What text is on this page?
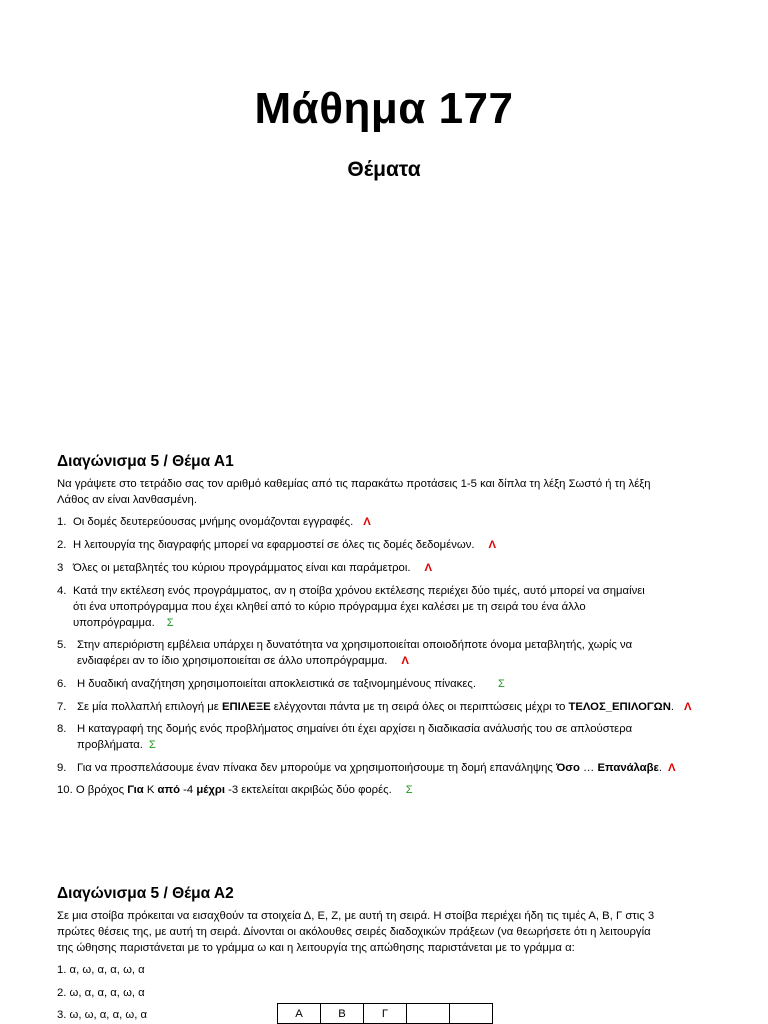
Μάθημα 177
Θέματα
Διαγώνισμα 5 / Θέμα Α1
Να γράψετε στο τετράδιο σας τον αριθμό καθεμίας από τις παρακάτω προτάσεις 1-5 και δίπλα τη λέξη Σωστό ή τη λέξη
Λάθος αν είναι λανθασμένη.
1. Οι δομές δευτερεύουσας μνήμης ονομάζονται εγγραφές. Λ
2. Η λειτουργία της διαγραφής μπορεί να εφαρμοστεί σε όλες τις δομές δεδομένων. Λ
3 Όλες οι μεταβλητές του κύριου προγράμματος είναι και παράμετροι. Λ
4. Κατά την εκτέλεση ενός προγράμματος, αν η στοίβα χρόνου εκτέλεσης περιέχει δύο τιμές, αυτό μπορεί να σημαίνει
ότι ένα υποπρόγραμμα που έχει κληθεί από το κύριο πρόγραμμα έχει καλέσει με τη σειρά του ένα άλλο
υποπρόγραμμα. Σ
5. Στην απεριόριστη εμβέλεια υπάρχει η δυνατότητα να χρησιμοποιείται οποιοδήποτε όνομα μεταβλητής, χωρίς να
ενδιαφέρει αν το ίδιο χρησιμοποιείται σε άλλο υποπρόγραμμα. Λ
6. Η δυαδική αναζήτηση χρησιμοποιείται αποκλειστικά σε ταξινομημένους πίνακες. Σ
7. Σε μία πολλαπλή επιλογή με ΕΠΙΛΕΞΕ ελέγχονται πάντα με τη σειρά όλες οι περιπτώσεις μέχρι το ΤΕΛΟΣ_ΕΠΙΛΟΓΩΝ. Λ
8. Η καταγραφή της δομής ενός προβλήματος σημαίνει ότι έχει αρχίσει η διαδικασία ανάλυσής του σε απλούστερα
προβλήματα. Σ
9. Για να προσπελάσουμε έναν πίνακα δεν μπορούμε να χρησιμοποιήσουμε τη δομή επανάληψης Όσο … Επανάλαβε. Λ
10. Ο βρόχος Για Κ από -4 μέχρι -3 εκτελείται ακριβώς δύο φορές. Σ
Διαγώνισμα 5 / Θέμα Α2
Σε μια στοίβα πρόκειται να εισαχθούν τα στοιχεία Δ, Ε, Ζ, με αυτή τη σειρά. Η στοίβα περιέχει ήδη τις τιμές Α, Β, Γ στις 3
πρώτες θέσεις της, με αυτή τη σειρά. Δίνονται οι ακόλουθες σειρές διαδοχικών πράξεων (να θεωρήσετε ότι η λειτουργία
της ώθησης παριστάνεται με το γράμμα ω και η λειτουργία της απώθησης παριστάνεται με το γράμμα α:
1. α, ω, α, α, ω, α
2. ω, α, α, α, ω, α
3. ω, ω, α, α, ω, α	Α	Β	Γ		
